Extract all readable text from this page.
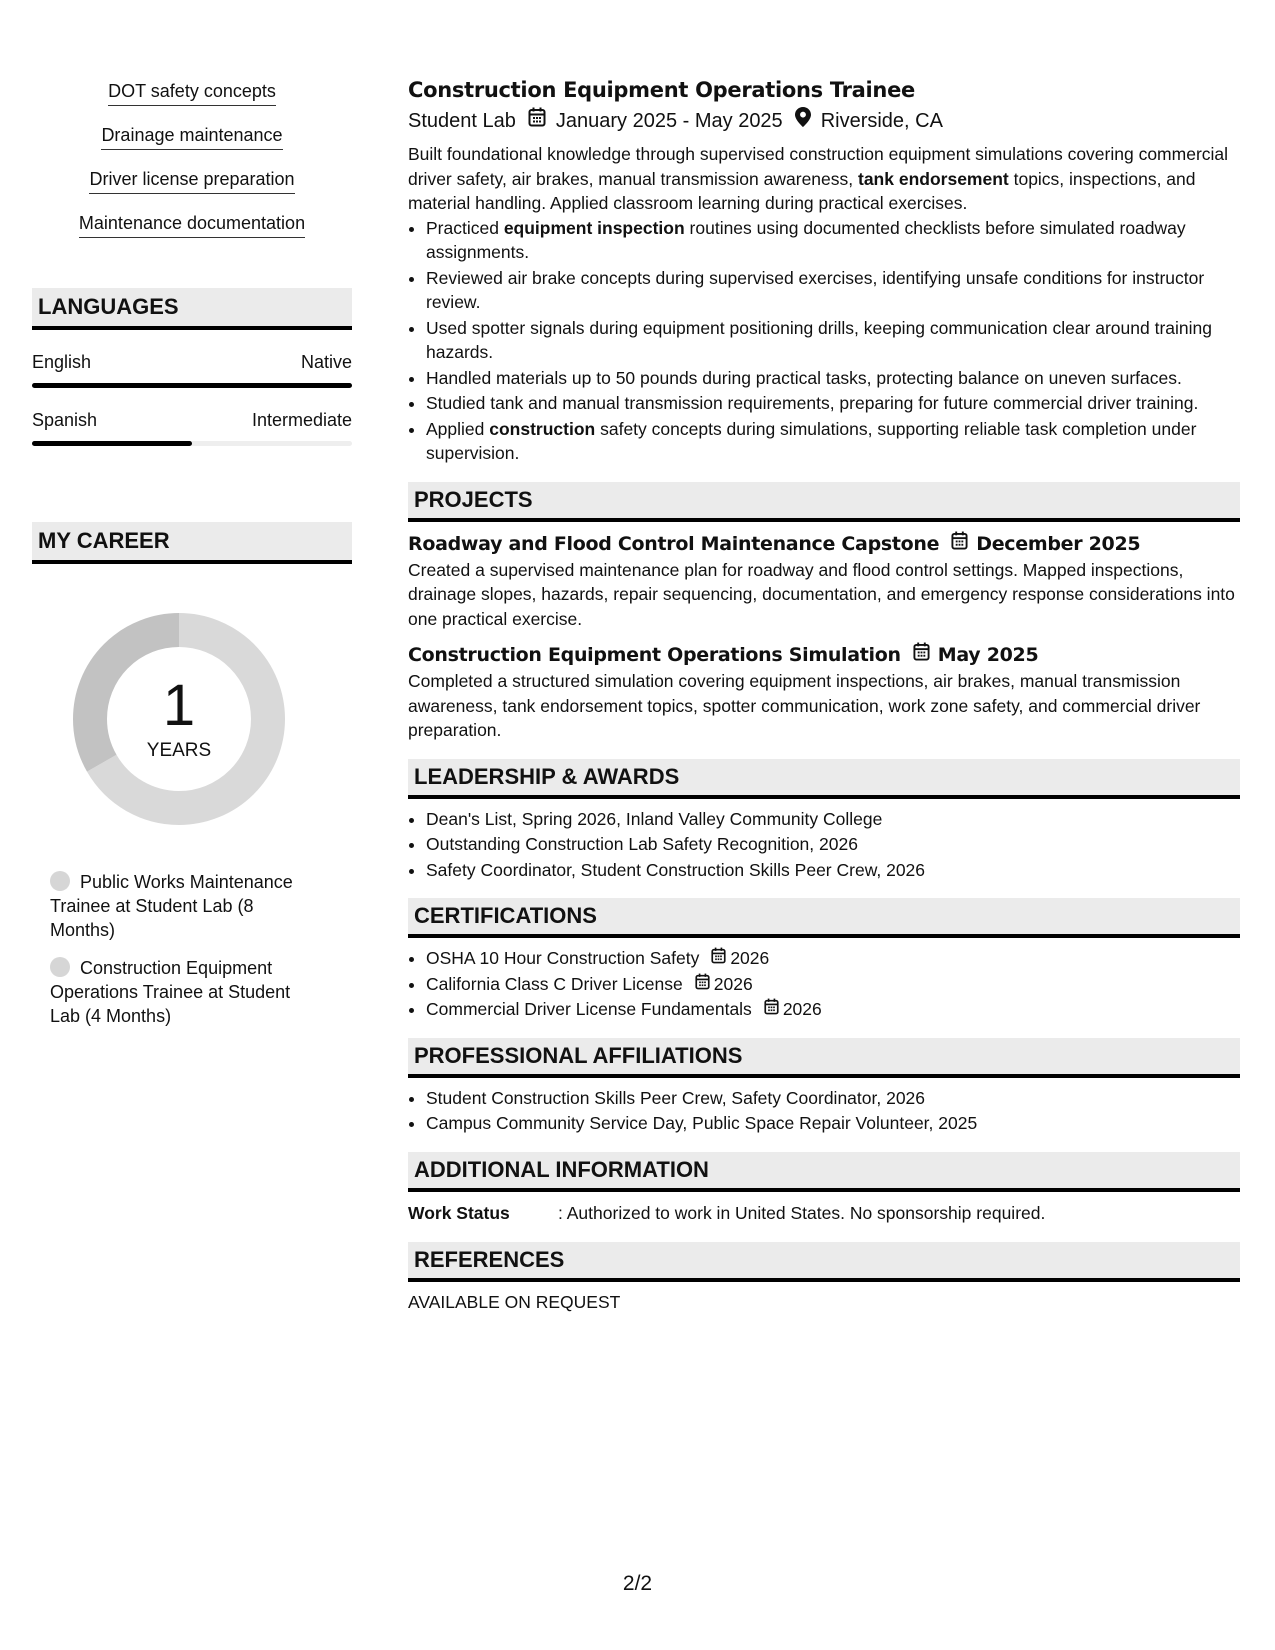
DOT safety concepts
Drainage maintenance
Driver license preparation
Maintenance documentation
LANGUAGES
English	Native
Spanish	Intermediate
MY CAREER
1
YEARS
Public Works Maintenance Trainee at Student Lab (8 Months)
Construction Equipment Operations Trainee at Student Lab (4 Months)
Construction Equipment Operations Trainee
Student Lab January 2025 - May 2025 Riverside, CA
Built foundational knowledge through supervised construction equipment simulations covering commercial driver safety, air brakes, manual transmission awareness, tank endorsement topics, inspections, and material handling. Applied classroom learning during practical exercises.
• Practiced equipment inspection routines using documented checklists before simulated roadway assignments.
• Reviewed air brake concepts during supervised exercises, identifying unsafe conditions for instructor review.
• Used spotter signals during equipment positioning drills, keeping communication clear around training hazards.
• Handled materials up to 50 pounds during practical tasks, protecting balance on uneven surfaces.
• Studied tank and manual transmission requirements, preparing for future commercial driver training.
• Applied construction safety concepts during simulations, supporting reliable task completion under supervision.
PROJECTS
Roadway and Flood Control Maintenance Capstone December 2025
Created a supervised maintenance plan for roadway and flood control settings. Mapped inspections, drainage slopes, hazards, repair sequencing, documentation, and emergency response considerations into one practical exercise.
Construction Equipment Operations Simulation May 2025
Completed a structured simulation covering equipment inspections, air brakes, manual transmission awareness, tank endorsement topics, spotter communication, work zone safety, and commercial driver preparation.
LEADERSHIP & AWARDS
• Dean's List, Spring 2026, Inland Valley Community College
• Outstanding Construction Lab Safety Recognition, 2026
• Safety Coordinator, Student Construction Skills Peer Crew, 2026
CERTIFICATIONS
• OSHA 10 Hour Construction Safety 2026
• California Class C Driver License 2026
• Commercial Driver License Fundamentals 2026
PROFESSIONAL AFFILIATIONS
• Student Construction Skills Peer Crew, Safety Coordinator, 2026
• Campus Community Service Day, Public Space Repair Volunteer, 2025
ADDITIONAL INFORMATION
Work Status	: Authorized to work in United States. No sponsorship required.
REFERENCES
AVAILABLE ON REQUEST
2/2
